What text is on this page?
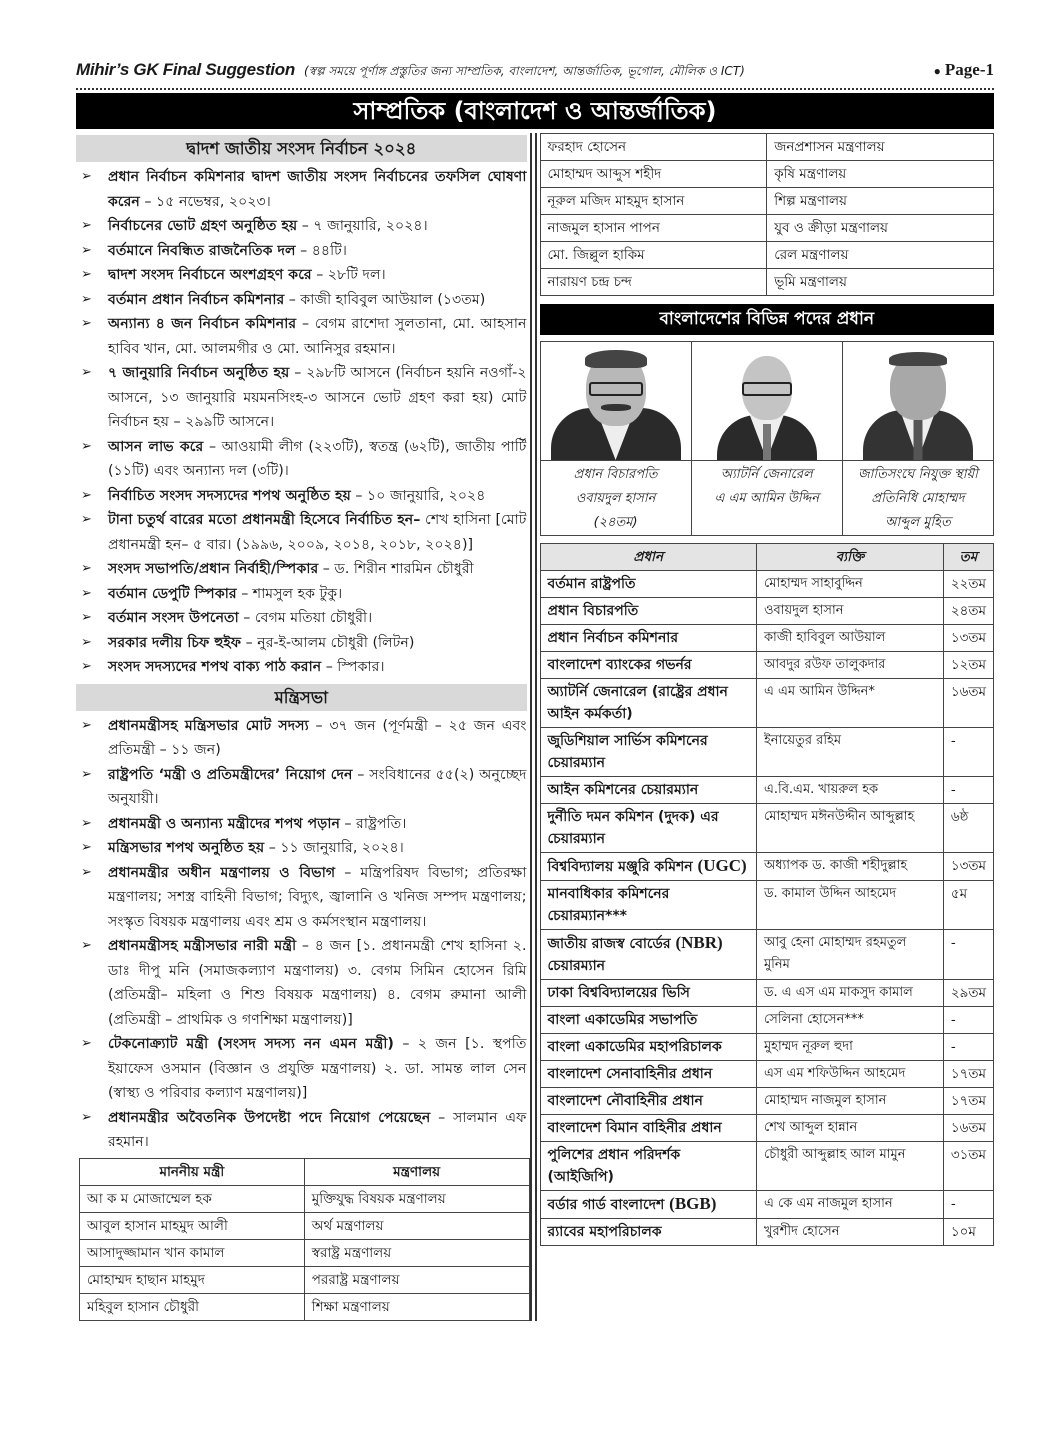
Mihir’s GK Final Suggestion (স্বল্প সময়ে পূর্ণাঙ্গ প্রস্তুতির জন্য সাম্প্রতিক, বাংলাদেশ, আন্তর্জাতিক, ভূগোল, মৌলিক ও ICT)	● Page-1
সাম্প্রতিক (বাংলাদেশ ও আন্তর্জাতিক)
দ্বাদশ জাতীয় সংসদ নির্বাচন ২০২৪
➢ প্রধান নির্বাচন কমিশনার দ্বাদশ জাতীয় সংসদ নির্বাচনের তফসিল ঘোষণা করেন – ১৫ নভেম্বর, ২০২৩।
➢ নির্বাচনের ভোট গ্রহণ অনুষ্ঠিত হয় – ৭ জানুয়ারি, ২০২৪।
➢ বর্তমানে নিবন্ধিত রাজনৈতিক দল – ৪৪টি।
➢ দ্বাদশ সংসদ নির্বাচনে অংশগ্রহণ করে – ২৮টি দল।
➢ বর্তমান প্রধান নির্বাচন কমিশনার – কাজী হাবিবুল আউয়াল (১৩তম)
➢ অন্যান্য ৪ জন নির্বাচন কমিশনার – বেগম রাশেদা সুলতানা, মো. আহসান হাবিব খান, মো. আলমগীর ও মো. আনিসুর রহমান।
➢ ৭ জানুয়ারি নির্বাচন অনুষ্ঠিত হয় – ২৯৮টি আসনে (নির্বাচন হয়নি নওগাঁ-২ আসনে, ১৩ জানুয়ারি ময়মনসিংহ-৩ আসনে ভোট গ্রহণ করা হয়) মোট নির্বাচন হয় – ২৯৯টি আসনে।
➢ আসন লাভ করে – আওয়ামী লীগ (২২৩টি), স্বতন্ত্র (৬২টি), জাতীয় পার্টি (১১টি) এবং অন্যান্য দল (৩টি)।
➢ নির্বাচিত সংসদ সদস্যদের শপথ অনুষ্ঠিত হয় – ১০ জানুয়ারি, ২০২৪
➢ টানা চতুর্থ বারের মতো প্রধানমন্ত্রী হিসেবে নির্বাচিত হন– শেখ হাসিনা [মোট প্রধানমন্ত্রী হন– ৫ বার। (১৯৯৬, ২০০৯, ২০১৪, ২০১৮, ২০২৪)]
➢ সংসদ সভাপতি/প্রধান নির্বাহী/স্পিকার – ড. শিরীন শারমিন চৌধুরী
➢ বর্তমান ডেপুটি স্পিকার – শামসুল হক টুকু।
➢ বর্তমান সংসদ উপনেতা – বেগম মতিয়া চৌধুরী।
➢ সরকার দলীয় চিফ হুইফ – নুর-ই-আলম চৌধুরী (লিটন)
➢ সংসদ সদস্যদের শপথ বাক্য পাঠ করান – স্পিকার।
মন্ত্রিসভা
➢ প্রধানমন্ত্রীসহ মন্ত্রিসভার মোট সদস্য – ৩৭ জন (পূর্ণমন্ত্রী – ২৫ জন এবং প্রতিমন্ত্রী – ১১ জন)
➢ রাষ্ট্রপতি ‘মন্ত্রী ও প্রতিমন্ত্রীদের’ নিয়োগ দেন – সংবিধানের ৫৫(২) অনুচ্ছেদ অনুযায়ী।
➢ প্রধানমন্ত্রী ও অন্যান্য মন্ত্রীদের শপথ পড়ান – রাষ্ট্রপতি।
➢ মন্ত্রিসভার শপথ অনুষ্ঠিত হয় – ১১ জানুয়ারি, ২০২৪।
➢ প্রধানমন্ত্রীর অধীন মন্ত্রণালয় ও বিভাগ – মন্ত্রিপরিষদ বিভাগ; প্রতিরক্ষা মন্ত্রণালয়; সশস্ত্র বাহিনী বিভাগ; বিদ্যুৎ, জ্বালানি ও খনিজ সম্পদ মন্ত্রণালয়; সংস্কৃত বিষয়ক মন্ত্রণালয় এবং শ্রম ও কর্মসংস্থান মন্ত্রণালয়।
➢ প্রধানমন্ত্রীসহ মন্ত্রীসভার নারী মন্ত্রী – ৪ জন [১. প্রধানমন্ত্রী শেখ হাসিনা ২. ডাঃ দীপু মনি (সমাজকল্যাণ মন্ত্রণালয়) ৩. বেগম সিমিন হোসেন রিমি (প্রতিমন্ত্রী– মহিলা ও শিশু বিষয়ক মন্ত্রণালয়) ৪. বেগম রুমানা আলী (প্রতিমন্ত্রী – প্রাথমিক ও গণশিক্ষা মন্ত্রণালয়)]
➢ টেকনোক্র্যাট মন্ত্রী (সংসদ সদস্য নন এমন মন্ত্রী) – ২ জন [১. স্থপতি ইয়াফেস ওসমান (বিজ্ঞান ও প্রযুক্তি মন্ত্রণালয়) ২. ডা. সামন্ত লাল সেন (স্বাস্থ্য ও পরিবার কল্যাণ মন্ত্রণালয়)]
➢ প্রধানমন্ত্রীর অবৈতনিক উপদেষ্টা পদে নিয়োগ পেয়েছেন – সালমান এফ রহমান।
মাননীয় মন্ত্রী	মন্ত্রণালয়
আ ক ম মোজাম্মেল হক	মুক্তিযুদ্ধ বিষয়ক মন্ত্রণালয়
আবুল হাসান মাহমুদ আলী	অর্থ মন্ত্রণালয়
আসাদুজ্জামান খান কামাল	স্বরাষ্ট্র মন্ত্রণালয়
মোহাম্মদ হাছান মাহমুদ	পররাষ্ট্র মন্ত্রণালয়
মহিবুল হাসান চৌধুরী	শিক্ষা মন্ত্রণালয়
ফরহাদ হোসেন	জনপ্রশাসন মন্ত্রণালয়
মোহাম্মদ আব্দুস শহীদ	কৃষি মন্ত্রণালয়
নূরুল মজিদ মাহমুদ হাসান	শিল্প মন্ত্রণালয়
নাজমুল হাসান পাপন	যুব ও ক্রীড়া মন্ত্রণালয়
মো. জিল্লুল হাকিম	রেল মন্ত্রণালয়
নারায়ণ চন্দ্র চন্দ	ভূমি মন্ত্রণালয়
বাংলাদেশের বিভিন্ন পদের প্রধান
প্রধান বিচারপতি
ওবায়দুল হাসান
(২৪তম)
অ্যাটর্নি জেনারেল
এ এম আমিন উদ্দিন
জাতিসংঘে নিযুক্ত স্থায়ী
প্রতিনিধি মোহাম্মদ
আব্দুল মুহিত
প্রধান	ব্যক্তি	তম
বর্তমান রাষ্ট্রপতি	মোহাম্মদ সাহাবুদ্দিন	২২তম
প্রধান বিচারপতি	ওবায়দুল হাসান	২৪তম
প্রধান নির্বাচন কমিশনার	কাজী হাবিবুল আউয়াল	১৩তম
বাংলাদেশ ব্যাংকের গভর্নর	আবদুর রউফ তালুকদার	১২তম
অ্যাটর্নি জেনারেল (রাষ্ট্রের প্রধান আইন কর্মকর্তা)	এ এম আমিন উদ্দিন*	১৬তম
জুডিশিয়াল সার্ভিস কমিশনের চেয়ারম্যান	ইনায়েতুর রহিম	-
আইন কমিশনের চেয়ারম্যান	এ.বি.এম. খায়রুল হক	-
দুর্নীতি দমন কমিশন (দুদক) এর চেয়ারম্যান	মোহাম্মদ মঈনউদ্দীন আব্দুল্লাহ	৬ষ্ঠ
বিশ্ববিদ্যালয় মঞ্জুরি কমিশন (UGC)	অধ্যাপক ড. কাজী শহীদুল্লাহ	১৩তম
মানবাধিকার কমিশনের চেয়ারম্যান***	ড. কামাল উদ্দিন আহমেদ	৫ম
জাতীয় রাজস্ব বোর্ডের (NBR)
চেয়ারম্যান	আবু হেনা মোহাম্মদ রহমতুল মুনিম	-
ঢাকা বিশ্ববিদ্যালয়ের ভিসি	ড. এ এস এম মাকসুদ কামাল	২৯তম
বাংলা একাডেমির সভাপতি	সেলিনা হোসেন***	-
বাংলা একাডেমির মহাপরিচালক	মুহাম্মদ নূরুল হুদা	-
বাংলাদেশ সেনাবাহিনীর প্রধান	এস এম শফিউদ্দিন আহমেদ	১৭তম
বাংলাদেশ নৌবাহিনীর প্রধান	মোহাম্মদ নাজমুল হাসান	১৭তম
বাংলাদেশ বিমান বাহিনীর প্রধান	শেখ আব্দুল হান্নান	১৬তম
পুলিশের প্রধান পরিদর্শক (আইজিপি)	চৌধুরী আব্দুল্লাহ আল মামুন	৩১তম
বর্ডার গার্ড বাংলাদেশ (BGB)	এ কে এম নাজমুল হাসান	-
র‍্যাবের মহাপরিচালক	খুরশীদ হোসেন	১০ম
